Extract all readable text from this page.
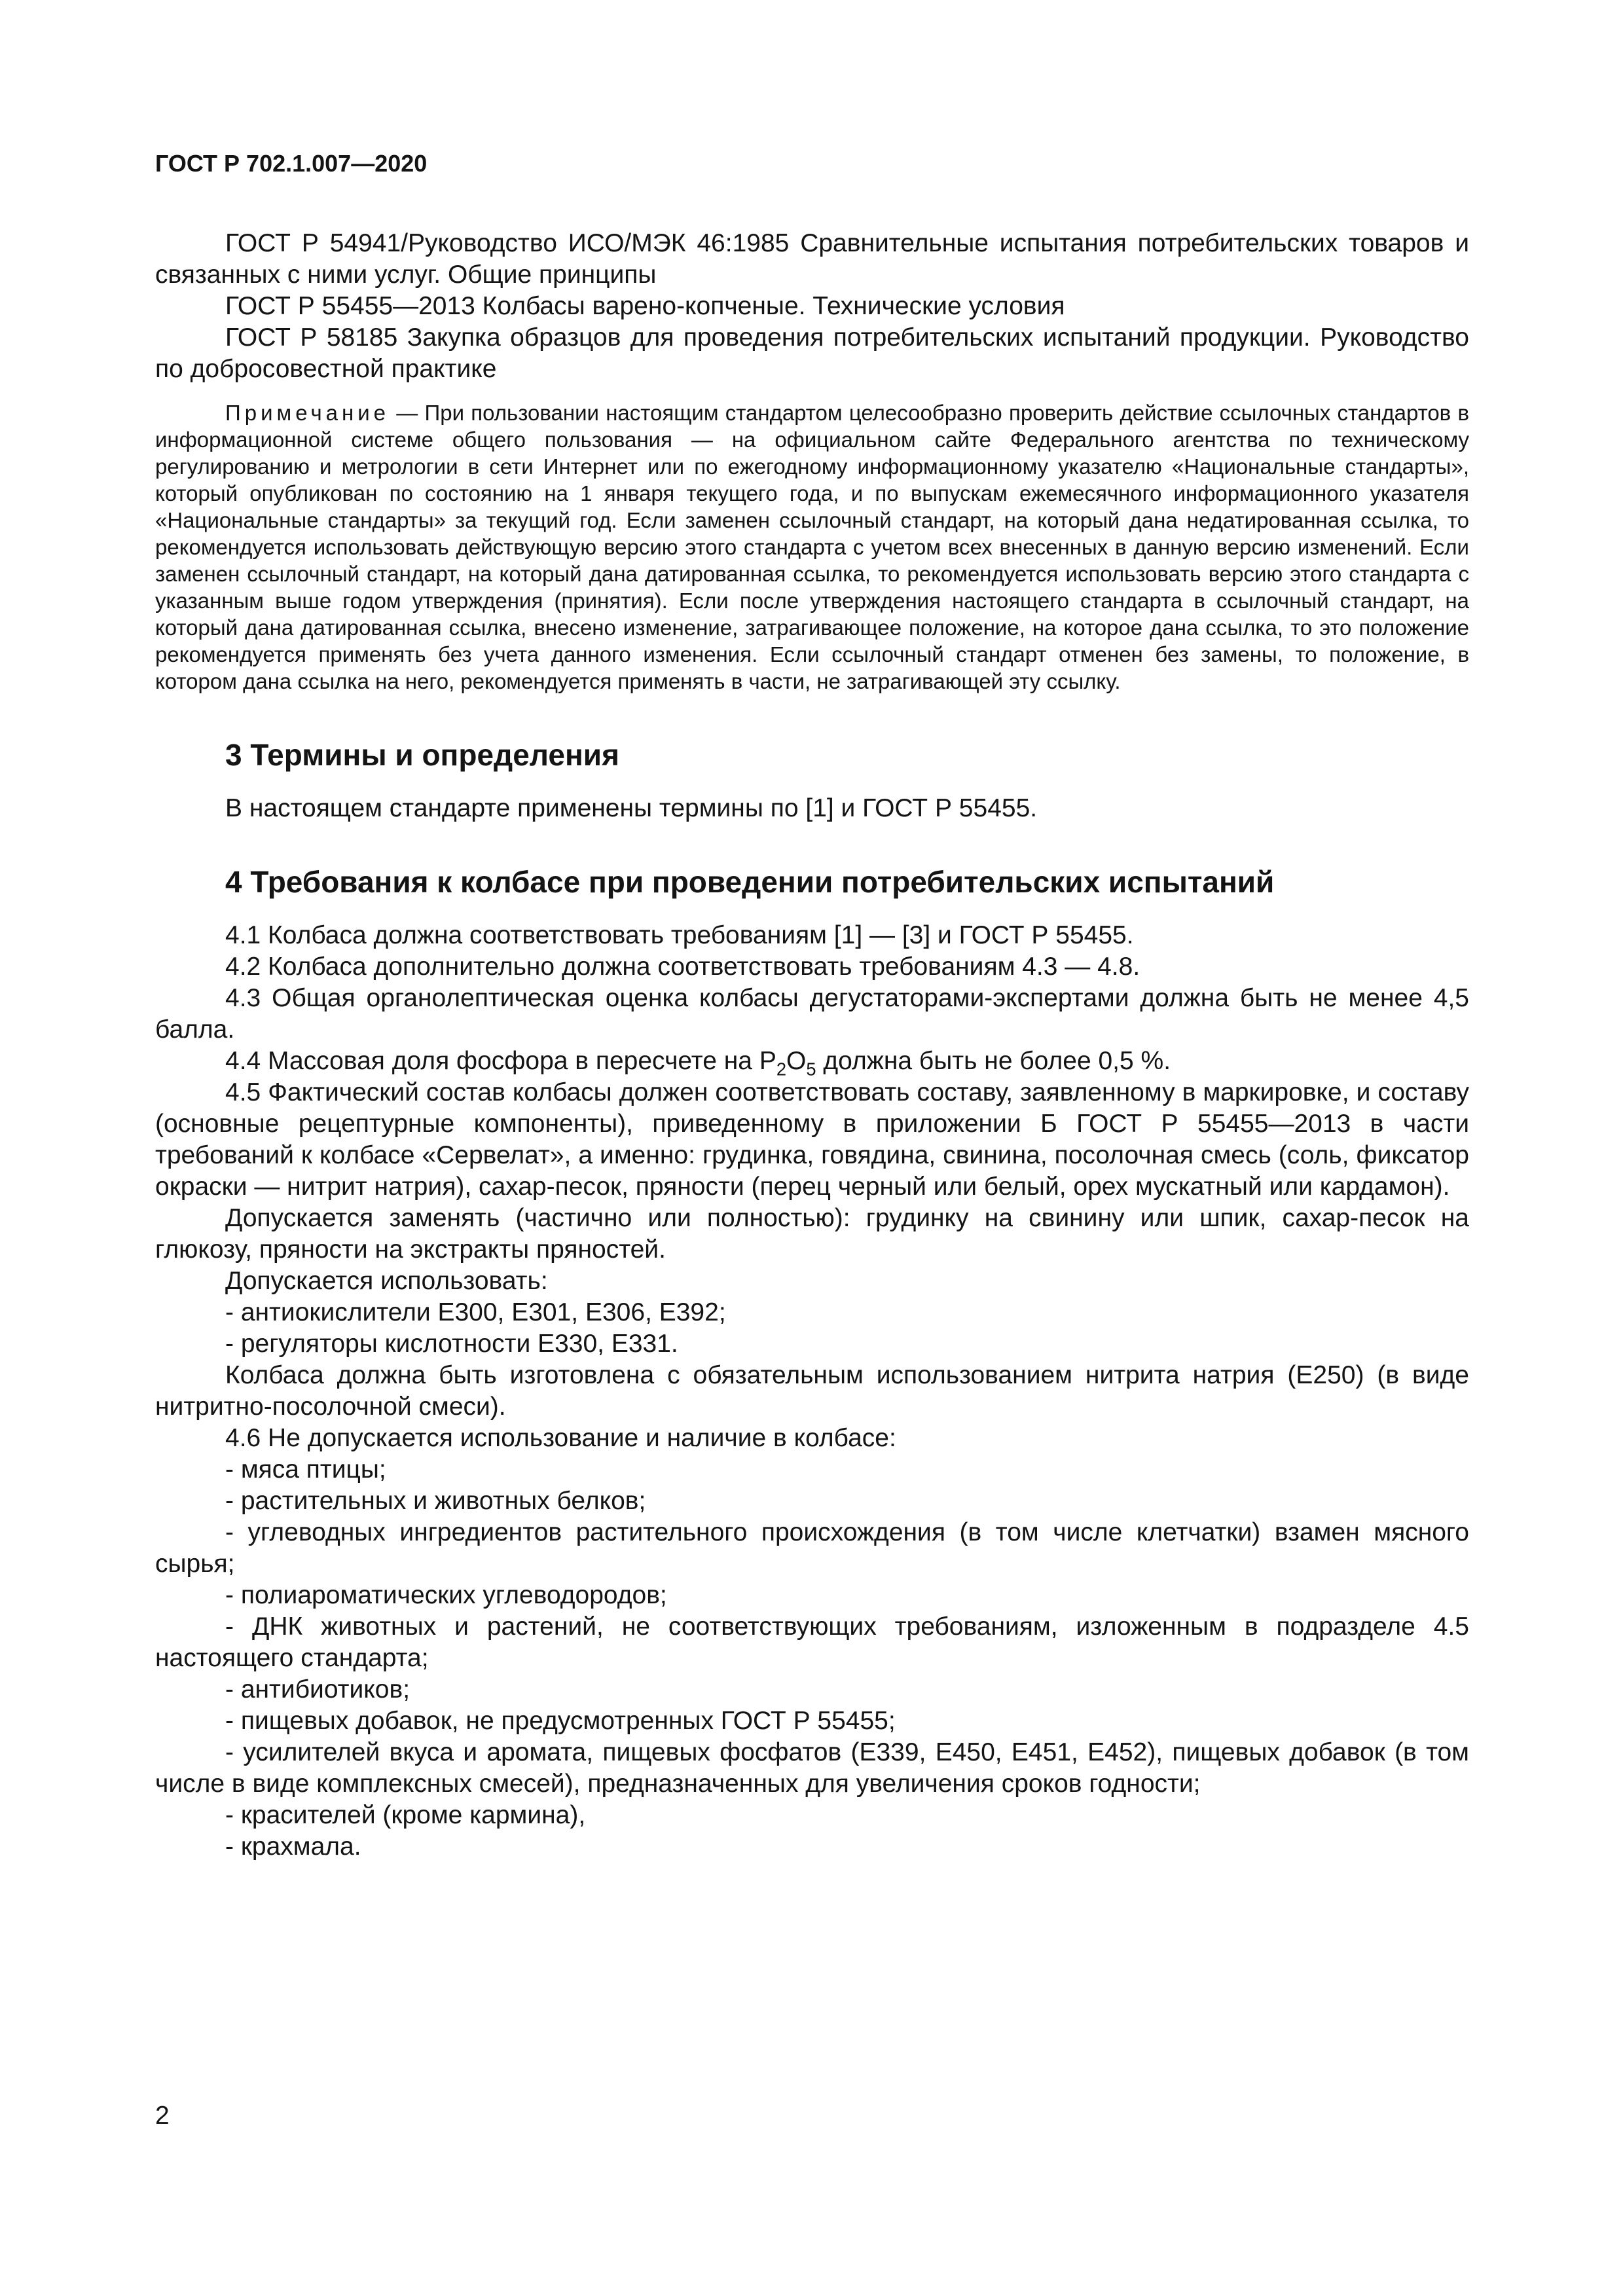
ГОСТ Р 702.1.007—2020

ГОСТ Р 54941/Руководство ИСО/МЭК 46:1985 Сравнительные испытания потребительских товаров и связанных с ними услуг. Общие принципы

ГОСТ Р 55455—2013 Колбасы варено-копченые. Технические условия

ГОСТ Р 58185 Закупка образцов для проведения потребительских испытаний продукции. Руководство по добросовестной практике

Примечание — При пользовании настоящим стандартом целесообразно проверить действие ссылочных стандартов в информационной системе общего пользования — на официальном сайте Федерального агентства по техническому регулированию и метрологии в сети Интернет или по ежегодному информационному указателю «Национальные стандарты», который опубликован по состоянию на 1 января текущего года, и по выпускам ежемесячного информационного указателя «Национальные стандарты» за текущий год. Если заменен ссылочный стандарт, на который дана недатированная ссылка, то рекомендуется использовать действующую версию этого стандарта с учетом всех внесенных в данную версию изменений. Если заменен ссылочный стандарт, на который дана датированная ссылка, то рекомендуется использовать версию этого стандарта с указанным выше годом утверждения (принятия). Если после утверждения настоящего стандарта в ссылочный стандарт, на который дана датированная ссылка, внесено изменение, затрагивающее положение, на которое дана ссылка, то это положение рекомендуется применять без учета данного изменения. Если ссылочный стандарт отменен без замены, то положение, в котором дана ссылка на него, рекомендуется применять в части, не затрагивающей эту ссылку.
3 Термины и определения

В настоящем стандарте применены термины по [1] и ГОСТ Р 55455.

4 Требования к колбасе при проведении потребительских испытаний

4.1 Колбаса должна соответствовать требованиям [1] — [3] и ГОСТ Р 55455.

4.2 Колбаса дополнительно должна соответствовать требованиям 4.3 — 4.8.

4.3 Общая органолептическая оценка колбасы дегустаторами-экспертами должна быть не менее 4,5 балла.

4.4 Массовая доля фосфора в пересчете на $P_2O_5$ должна быть не более 0,5 %.

4.5 Фактический состав колбасы должен соответствовать составу, заявленному в маркировке, и составу (основные рецептурные компоненты), приведенному в приложении Б ГОСТ Р 55455—2013 в части требований к колбасе «Сервелат», а именно: грудинка, говядина, свинина, посолочная смесь (соль, фиксатор окраски — нитрит натрия), сахар-песок, пряности (перец черный или белый, орех мускатный или кардамон).

Допускается заменять (частично или полностью): грудинку на свинину или шпик, сахар-песок на глюкозу, пряности на экстракты пряностей.

Допускается использовать:

- антиокислители Е300, Е301, Е306, Е392;

- регуляторы кислотности Е330, Е331.

Колбаса должна быть изготовлена с обязательным использованием нитрита натрия (Е250) (в виде нитритно-посолочной смеси).

4.6 Не допускается использование и наличие в колбасе:

- мяса птицы;

- растительных и животных белков;

- углеводных ингредиентов растительного происхождения (в том числе клетчатки) взамен мясного сырья;

- полиароматических углеводородов;

- ДНК животных и растений, не соответствующих требованиям, изложенным в подразделе 4.5 настоящего стандарта;

- антибиотиков;

- пищевых добавок, не предусмотренных ГОСТ Р 55455;

- усилителей вкуса и аромата, пищевых фосфатов (Е339, Е450, Е451, Е452), пищевых добавок (в том числе в виде комплексных смесей), предназначенных для увеличения сроков годности;

- красителей (кроме кармина),

- крахмала.

2
